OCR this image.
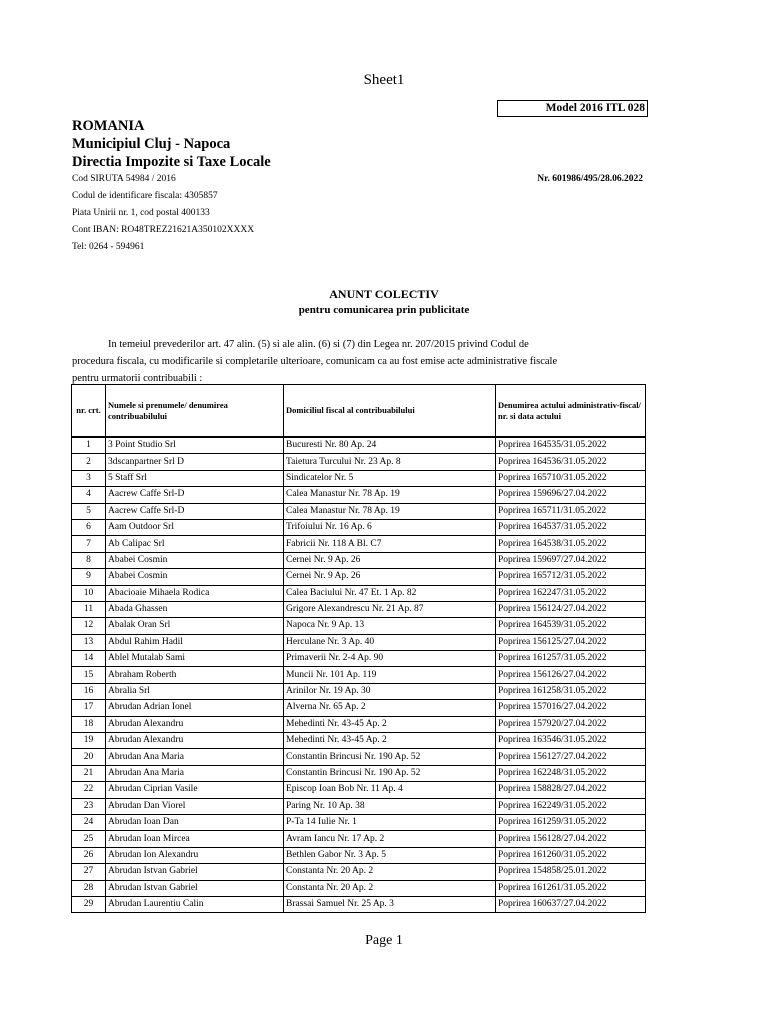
Sheet1
Model 2016 ITL 028
ROMANIA
Municipiul Cluj - Napoca
Directia Impozite si Taxe Locale
Cod SIRUTA 54984 / 2016
Codul de identificare fiscala: 4305857
Piata Unirii nr. 1, cod postal 400133
Cont IBAN: RO48TREZ21621A350102XXXX
Tel: 0264 - 594961
Nr. 601986/495/28.06.2022
ANUNT COLECTIV
pentru comunicarea prin publicitate
In temeiul prevederilor art. 47 alin. (5) si ale alin. (6) si (7) din Legea nr. 207/2015 privind Codul de procedura fiscala, cu modificarile si completarile ulterioare, comunicam ca au fost emise acte administrative fiscale pentru urmatorii contribuabili :
nr. crt.	Numele si prenumele/ denumirea contribuabilului	Domiciliul fiscal al contribuabilului	Denumirea actului administrativ-fiscal/ nr. si data actului
1	3 Point Studio Srl	Bucuresti Nr. 80 Ap. 24	Poprirea 164535/31.05.2022
2	3dscanpartner Srl D	Taietura Turcului Nr. 23 Ap. 8	Poprirea 164536/31.05.2022
3	5 Staff Srl	Sindicatelor Nr. 5	Poprirea 165710/31.05.2022
4	Aacrew Caffe Srl-D	Calea Manastur Nr. 78 Ap. 19	Poprirea 159696/27.04.2022
5	Aacrew Caffe Srl-D	Calea Manastur Nr. 78 Ap. 19	Poprirea 165711/31.05.2022
6	Aam Outdoor Srl	Trifoiului Nr. 16 Ap. 6	Poprirea 164537/31.05.2022
7	Ab Calipac Srl	Fabricii Nr. 118 A Bl. C7	Poprirea 164538/31.05.2022
8	Ababei Cosmin	Cernei Nr. 9 Ap. 26	Poprirea 159697/27.04.2022
9	Ababei Cosmin	Cernei Nr. 9 Ap. 26	Poprirea 165712/31.05.2022
10	Abacioaie Mihaela Rodica	Calea Baciului Nr. 47 Et. 1 Ap. 82	Poprirea 162247/31.05.2022
11	Abada Ghassen	Grigore Alexandrescu Nr. 21 Ap. 87	Poprirea 156124/27.04.2022
12	Abalak Oran Srl	Napoca Nr. 9 Ap. 13	Poprirea 164539/31.05.2022
13	Abdul Rahim Hadil	Herculane Nr. 3 Ap. 40	Poprirea 156125/27.04.2022
14	Ablel Mutalab Sami	Primaverii Nr. 2-4 Ap. 90	Poprirea 161257/31.05.2022
15	Abraham Roberth	Muncii Nr. 101 Ap. 119	Poprirea 156126/27.04.2022
16	Abralia Srl	Arinilor Nr. 19 Ap. 30	Poprirea 161258/31.05.2022
17	Abrudan Adrian Ionel	Alverna Nr. 65 Ap. 2	Poprirea 157016/27.04.2022
18	Abrudan Alexandru	Mehedinti Nr. 43-45 Ap. 2	Poprirea 157920/27.04.2022
19	Abrudan Alexandru	Mehedinti Nr. 43-45 Ap. 2	Poprirea 163546/31.05.2022
20	Abrudan Ana Maria	Constantin Brincusi Nr. 190 Ap. 52	Poprirea 156127/27.04.2022
21	Abrudan Ana Maria	Constantin Brincusi Nr. 190 Ap. 52	Poprirea 162248/31.05.2022
22	Abrudan Ciprian Vasile	Episcop Ioan Bob Nr. 11 Ap. 4	Poprirea 158828/27.04.2022
23	Abrudan Dan Viorel	Paring Nr. 10 Ap. 38	Poprirea 162249/31.05.2022
24	Abrudan Ioan Dan	P-Ta 14 Iulie Nr. 1	Poprirea 161259/31.05.2022
25	Abrudan Ioan Mircea	Avram Iancu Nr. 17 Ap. 2	Poprirea 156128/27.04.2022
26	Abrudan Ion Alexandru	Bethlen Gabor Nr. 3 Ap. 5	Poprirea 161260/31.05.2022
27	Abrudan Istvan Gabriel	Constanta Nr. 20 Ap. 2	Poprirea 154858/25.01.2022
28	Abrudan Istvan Gabriel	Constanta Nr. 20 Ap. 2	Poprirea 161261/31.05.2022
29	Abrudan Laurentiu Calin	Brassai Samuel Nr. 25 Ap. 3	Poprirea 160637/27.04.2022
Page 1
